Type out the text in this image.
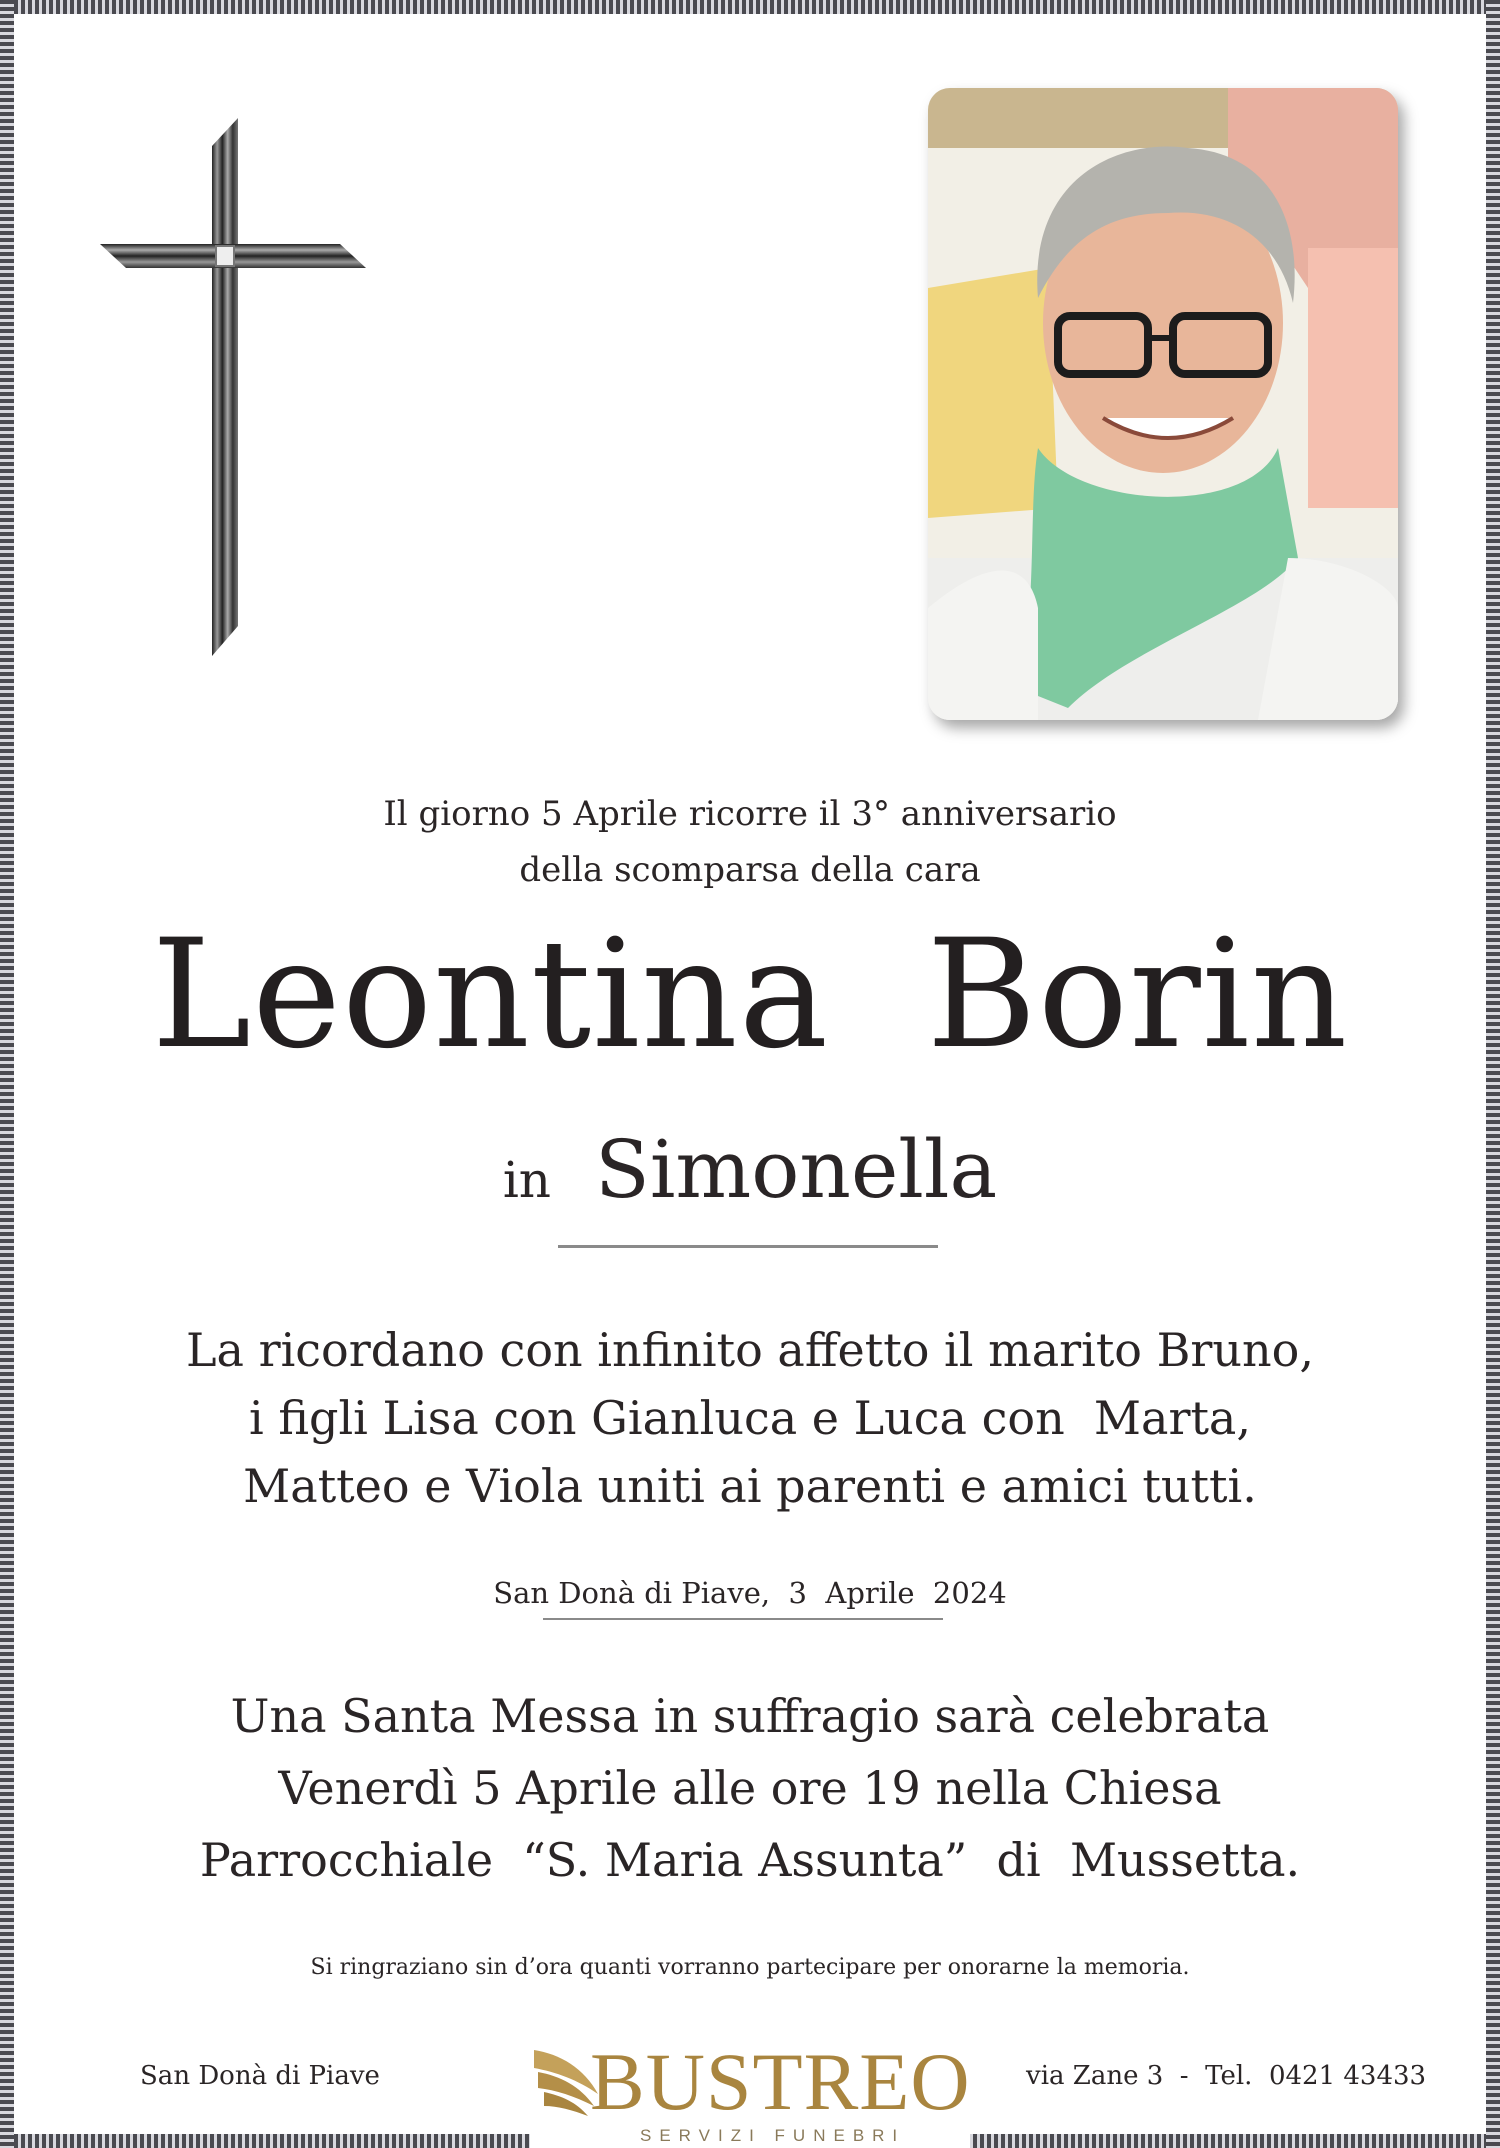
Il giorno 5 Aprile ricorre il 3° anniversario
della scomparsa della cara
Leontina  Borin
in Simonella
La ricordano con infinito affetto il marito Bruno,
i figli Lisa con Gianluca e Luca con  Marta,
Matteo e Viola uniti ai parenti e amici tutti.
San Donà di Piave,  3  Aprile  2024
Una Santa Messa in suffragio sarà celebrata
Venerdì 5 Aprile alle ore 19 nella Chiesa
Parrocchiale  “S. Maria Assunta”  di  Mussetta.
Si ringraziano sin d’ora quanti vorranno partecipare per onorarne la memoria.
San Donà di Piave	via Zane 3  -  Tel.  0421 43433
BUSTREO
SERVIZI FUNEBRI
